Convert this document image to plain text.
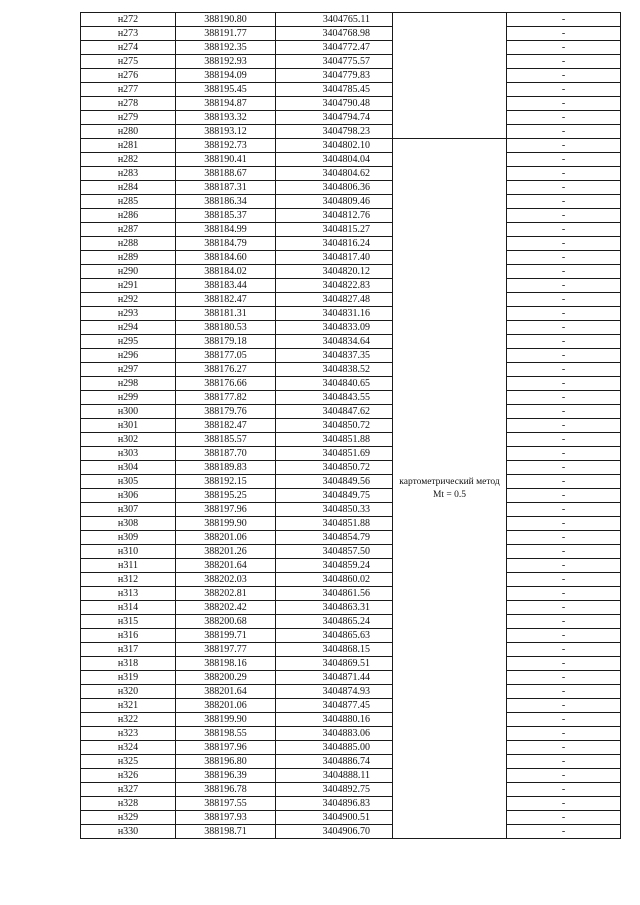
н272	388190.80	3404765.11		-
н273	388191.77	3404768.98		-
н274	388192.35	3404772.47		-
н275	388192.93	3404775.57		-
н276	388194.09	3404779.83		-
н277	388195.45	3404785.45		-
н278	388194.87	3404790.48		-
н279	388193.32	3404794.74		-
н280	388193.12	3404798.23		-
н281	388192.73	3404802.10	картометрический метод Mt = 0.5	-
н282	388190.41	3404804.04		-
н283	388188.67	3404804.62		-
н284	388187.31	3404806.36		-
н285	388186.34	3404809.46		-
н286	388185.37	3404812.76		-
н287	388184.99	3404815.27		-
н288	388184.79	3404816.24		-
н289	388184.60	3404817.40		-
н290	388184.02	3404820.12		-
н291	388183.44	3404822.83		-
н292	388182.47	3404827.48		-
н293	388181.31	3404831.16		-
н294	388180.53	3404833.09		-
н295	388179.18	3404834.64		-
н296	388177.05	3404837.35		-
н297	388176.27	3404838.52		-
н298	388176.66	3404840.65		-
н299	388177.82	3404843.55		-
н300	388179.76	3404847.62		-
н301	388182.47	3404850.72		-
н302	388185.57	3404851.88		-
н303	388187.70	3404851.69		-
н304	388189.83	3404850.72		-
н305	388192.15	3404849.56		-
н306	388195.25	3404849.75		-
н307	388197.96	3404850.33		-
н308	388199.90	3404851.88		-
н309	388201.06	3404854.79		-
н310	388201.26	3404857.50		-
н311	388201.64	3404859.24		-
н312	388202.03	3404860.02		-
н313	388202.81	3404861.56		-
н314	388202.42	3404863.31		-
н315	388200.68	3404865.24		-
н316	388199.71	3404865.63		-
н317	388197.77	3404868.15		-
н318	388198.16	3404869.51		-
н319	388200.29	3404871.44		-
н320	388201.64	3404874.93		-
н321	388201.06	3404877.45		-
н322	388199.90	3404880.16		-
н323	388198.55	3404883.06		-
н324	388197.96	3404885.00		-
н325	388196.80	3404886.74		-
н326	388196.39	3404888.11		-
н327	388196.78	3404892.75		-
н328	388197.55	3404896.83		-
н329	388197.93	3404900.51		-
н330	388198.71	3404906.70		-
